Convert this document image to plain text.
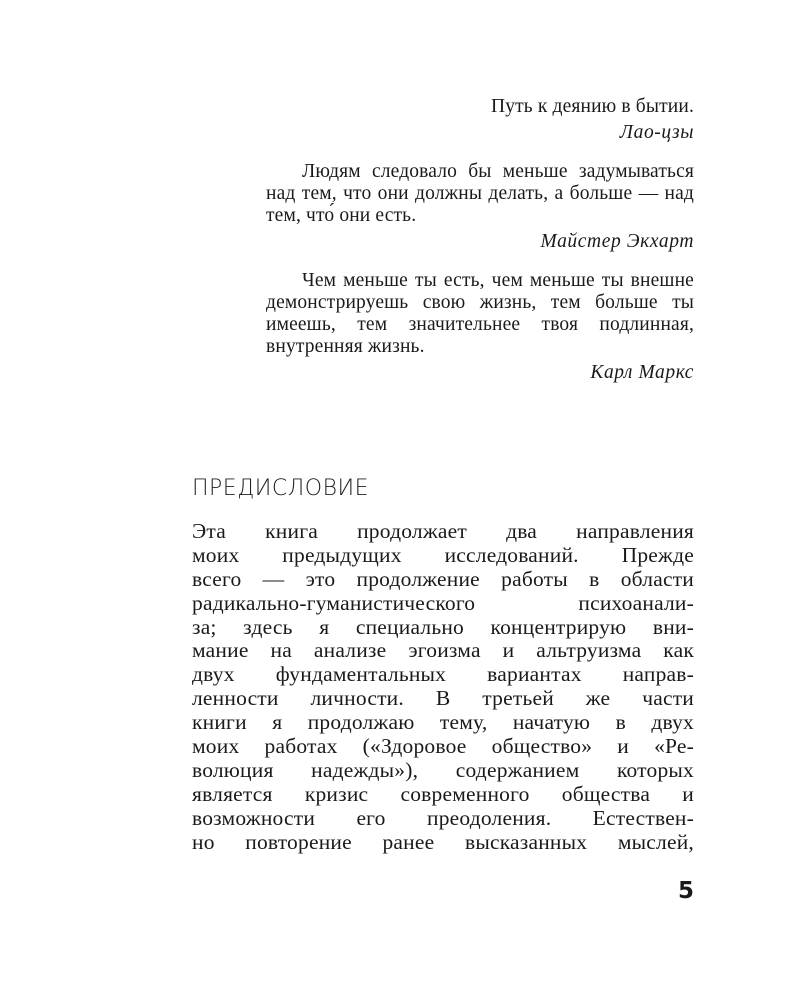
Путь к деянию в бытии.

Лао-цзы

Людям следовало бы меньше задумываться над тем, что они должны делать, а больше — над тем, что́ они есть.

Майстер Экхарт

Чем меньше ты есть, чем меньше ты внешне демонстрируешь свою жизнь, тем больше ты имеешь, тем значительнее твоя подлинная, внутренняя жизнь.

Карл Маркс

ПРЕДИСЛОВИЕ
Эта книга продолжает два направления
моих предыдущих исследований. Прежде
всего — это продолжение работы в области
радикально-гуманистического психоанали-
за; здесь я специально концентрирую вни-
мание на анализе эгоизма и альтруизма как
двух фундаментальных вариантах направ-
ленности личности. В третьей же части
книги я продолжаю тему, начатую в двух
моих работах («Здоровое общество» и «Ре-
волюция надежды»), содержанием которых
является кризис современного общества и
возможности его преодоления. Естествен-
но повторение ранее высказанных мыслей,

5
